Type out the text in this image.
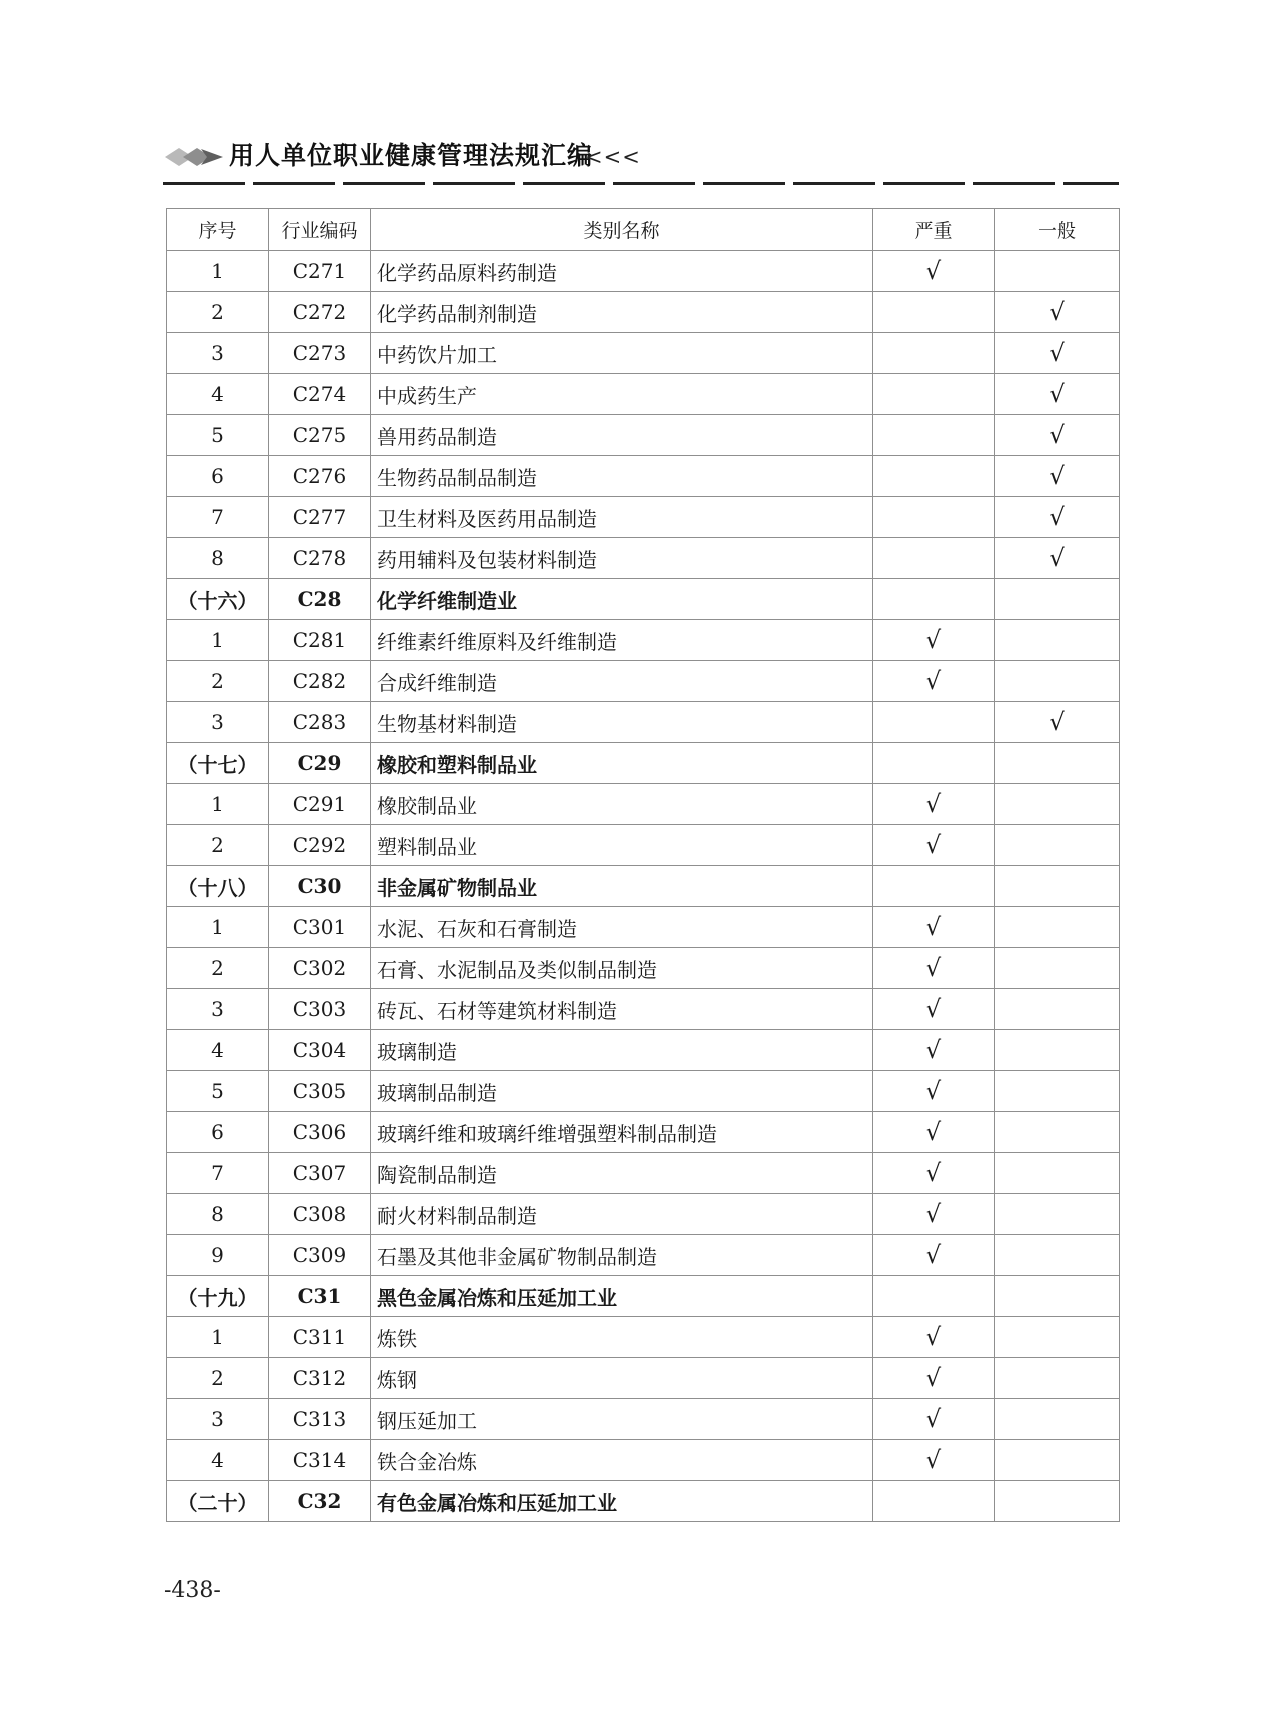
用人单位职业健康管理法规汇编
<<<
序号	行业编码	类别名称	严重	一般
1	C271	化学药品原料药制造	√	
2	C272	化学药品制剂制造		√
3	C273	中药饮片加工		√
4	C274	中成药生产		√
5	C275	兽用药品制造		√
6	C276	生物药品制品制造		√
7	C277	卫生材料及医药用品制造		√
8	C278	药用辅料及包装材料制造		√
（十六）	C28	化学纤维制造业		
1	C281	纤维素纤维原料及纤维制造	√	
2	C282	合成纤维制造	√	
3	C283	生物基材料制造		√
（十七）	C29	橡胶和塑料制品业		
1	C291	橡胶制品业	√	
2	C292	塑料制品业	√	
（十八）	C30	非金属矿物制品业		
1	C301	水泥、石灰和石膏制造	√	
2	C302	石膏、水泥制品及类似制品制造	√	
3	C303	砖瓦、石材等建筑材料制造	√	
4	C304	玻璃制造	√	
5	C305	玻璃制品制造	√	
6	C306	玻璃纤维和玻璃纤维增强塑料制品制造	√	
7	C307	陶瓷制品制造	√	
8	C308	耐火材料制品制造	√	
9	C309	石墨及其他非金属矿物制品制造	√	
（十九）	C31	黑色金属冶炼和压延加工业		
1	C311	炼铁	√	
2	C312	炼钢	√	
3	C313	钢压延加工	√	
4	C314	铁合金冶炼	√	
（二十）	C32	有色金属冶炼和压延加工业		
-438-
